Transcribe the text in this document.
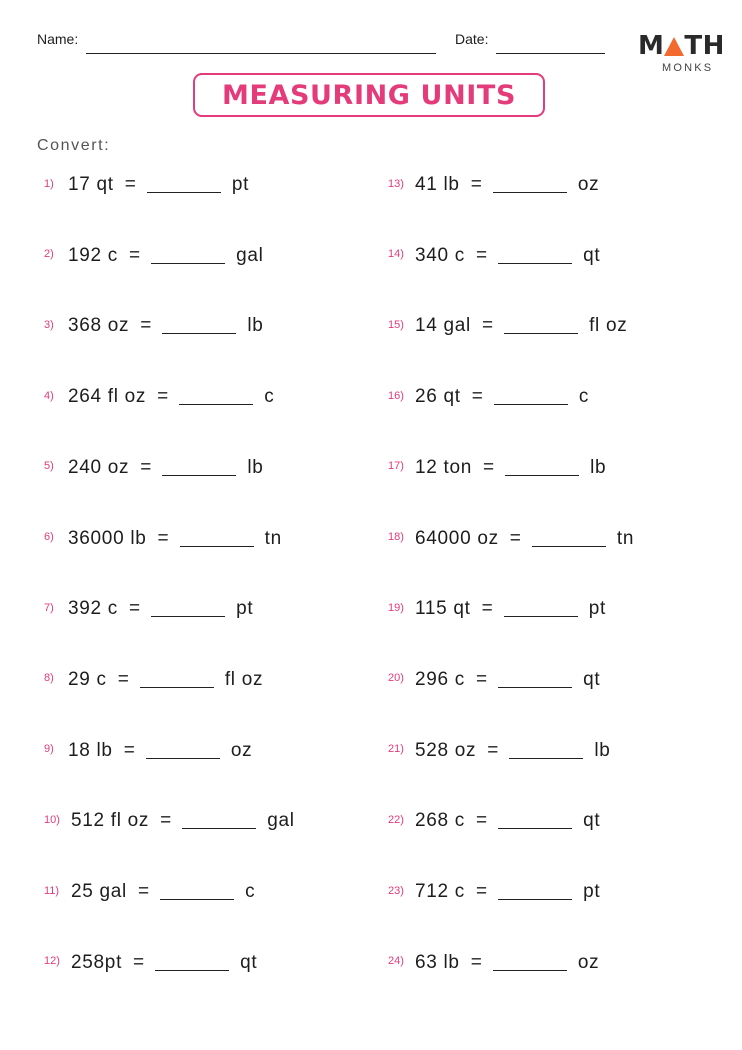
Name:	Date:	M TH
MONKS
MEASURING UNITS
Convert:
1) 17 qt =	pt
2) 192 c =	gal
3) 368 oz =	lb
4) 264 fl oz =	c
5) 240 oz =	lb
6) 36000 lb =	tn
7) 392 c =	pt
8) 29 c =	fl oz
9) 18 lb =	oz
10) 512 fl oz =	gal
11) 25 gal =	c
12) 258pt =	qt
13) 41 lb =	oz
14) 340 c =	qt
15) 14 gal =	fl oz
16) 26 qt =	c
17) 12 ton =	lb
18) 64000 oz =	tn
19) 115 qt =	pt
20) 296 c =	qt
21) 528 oz =	lb
22) 268 c =	qt
23) 712 c =	pt
24) 63 lb =	oz
